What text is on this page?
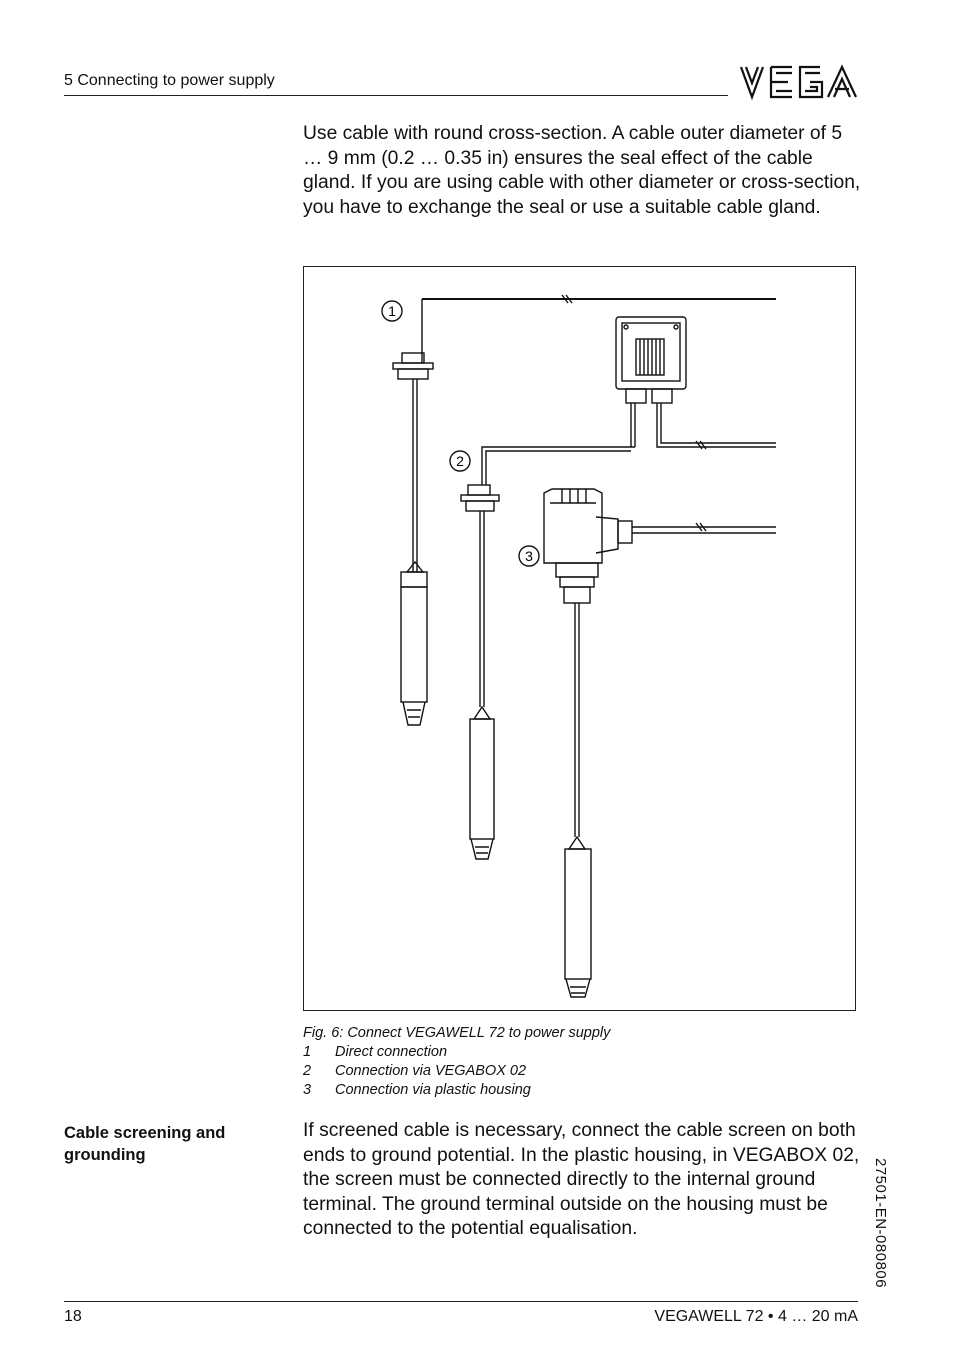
5 Connecting to power supply
Use cable with round cross-section. A cable outer diameter of 5 … 9 mm (0.2 … 0.35 in) ensures the seal effect of the cable gland. If you are using cable with other diameter or cross-section, you have to exchange the seal or use a suitable cable gland.
1
2
3
Fig. 6: Connect VEGAWELL 72 to power supply
1	Direct connection
2	Connection via VEGABOX 02
3	Connection via plastic housing
Cable screening and grounding
If screened cable is necessary, connect the cable screen on both ends to ground potential. In the plastic housing, in VEGABOX 02, the screen must be connected directly to the internal ground terminal. The ground terminal outside on the housing must be connected to the potential equalisation.	27501-EN-080806
18	VEGAWELL 72 • 4 … 20 mA
